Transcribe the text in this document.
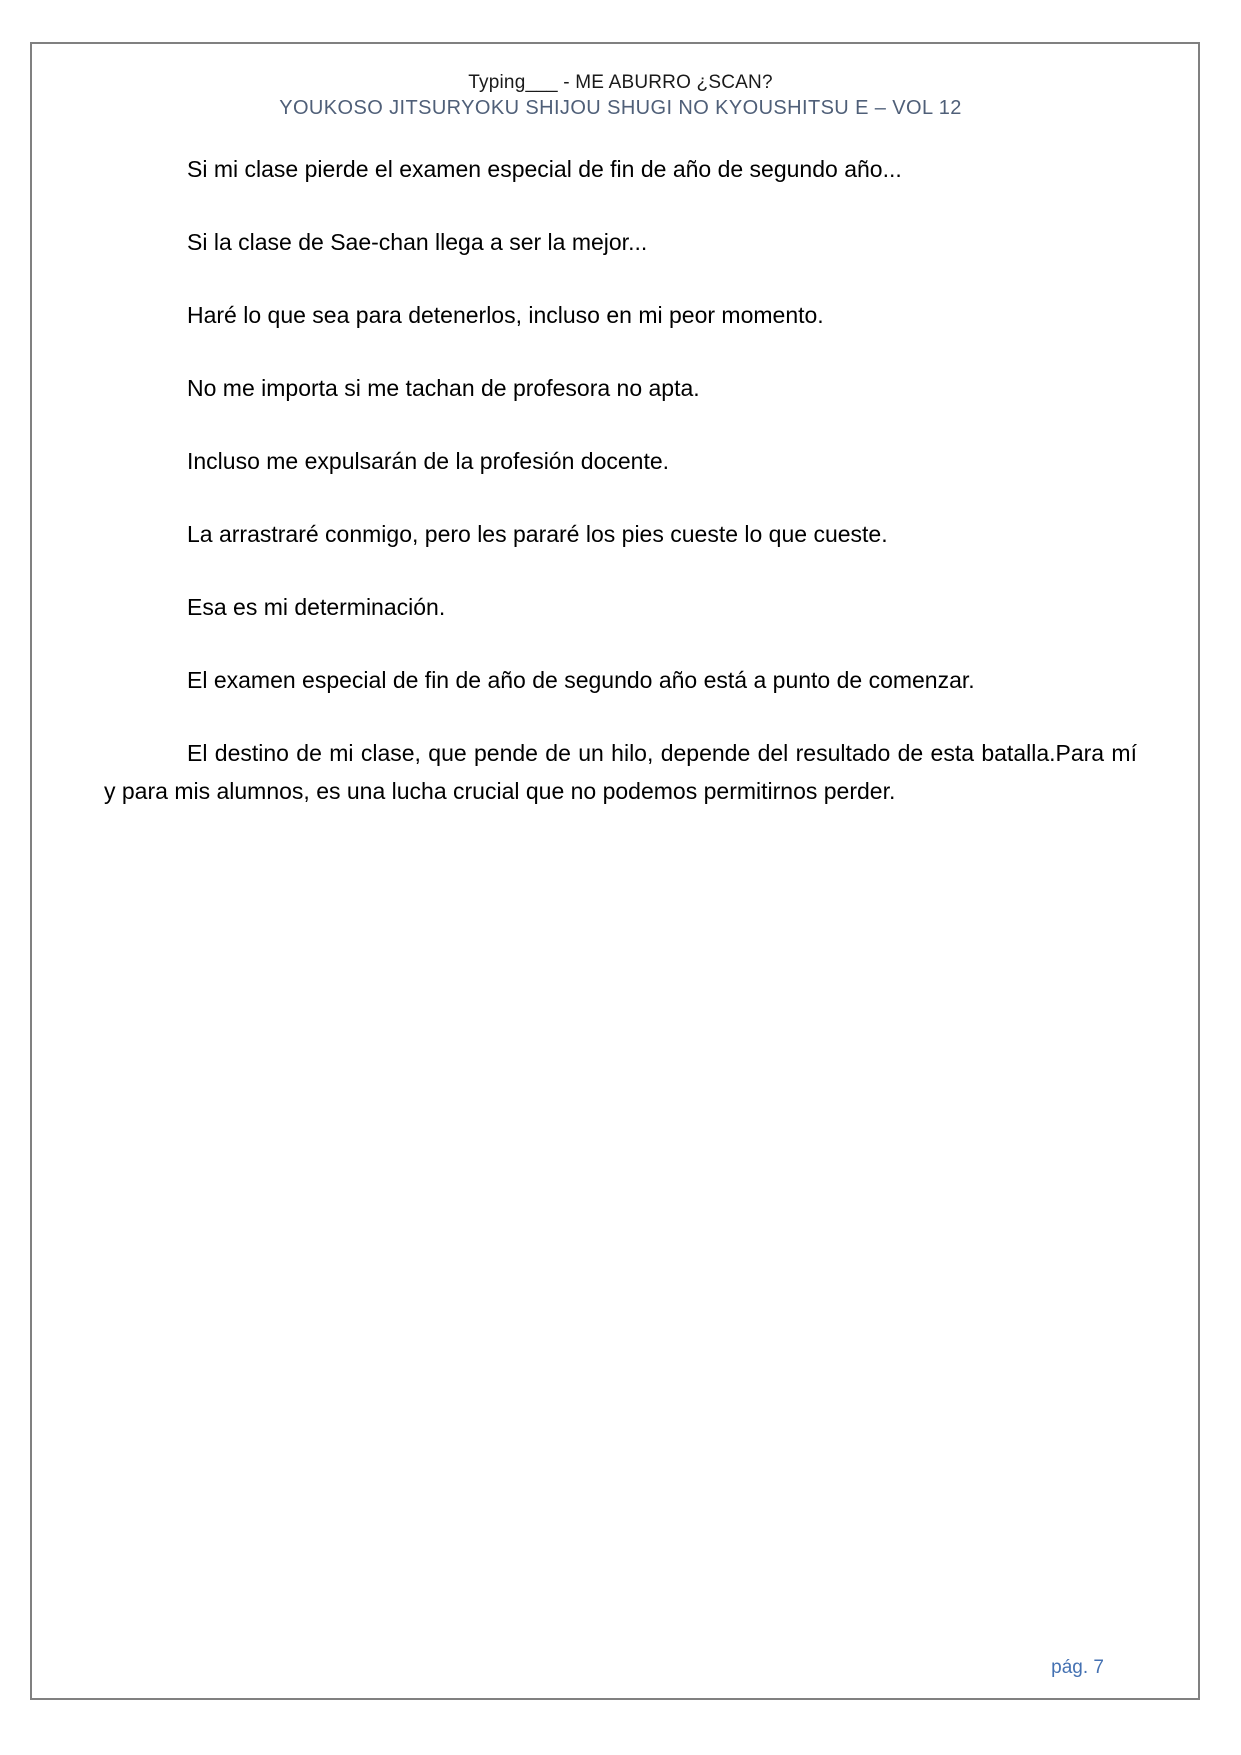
Typing___ - ME ABURRO ¿SCAN?
YOUKOSO JITSURYOKU SHIJOU SHUGI NO KYOUSHITSU E – VOL 12

Si mi clase pierde el examen especial de fin de año de segundo año...

Si la clase de Sae-chan llega a ser la mejor...

Haré lo que sea para detenerlos, incluso en mi peor momento.

No me importa si me tachan de profesora no apta.

Incluso me expulsarán de la profesión docente.

La arrastraré conmigo, pero les pararé los pies cueste lo que cueste.

Esa es mi determinación.

El examen especial de fin de año de segundo año está a punto de comenzar.

El destino de mi clase, que pende de un hilo, depende del resultado de esta batalla.Para mí y para mis alumnos, es una lucha crucial que no podemos permitirnos perder.

pág. 7
